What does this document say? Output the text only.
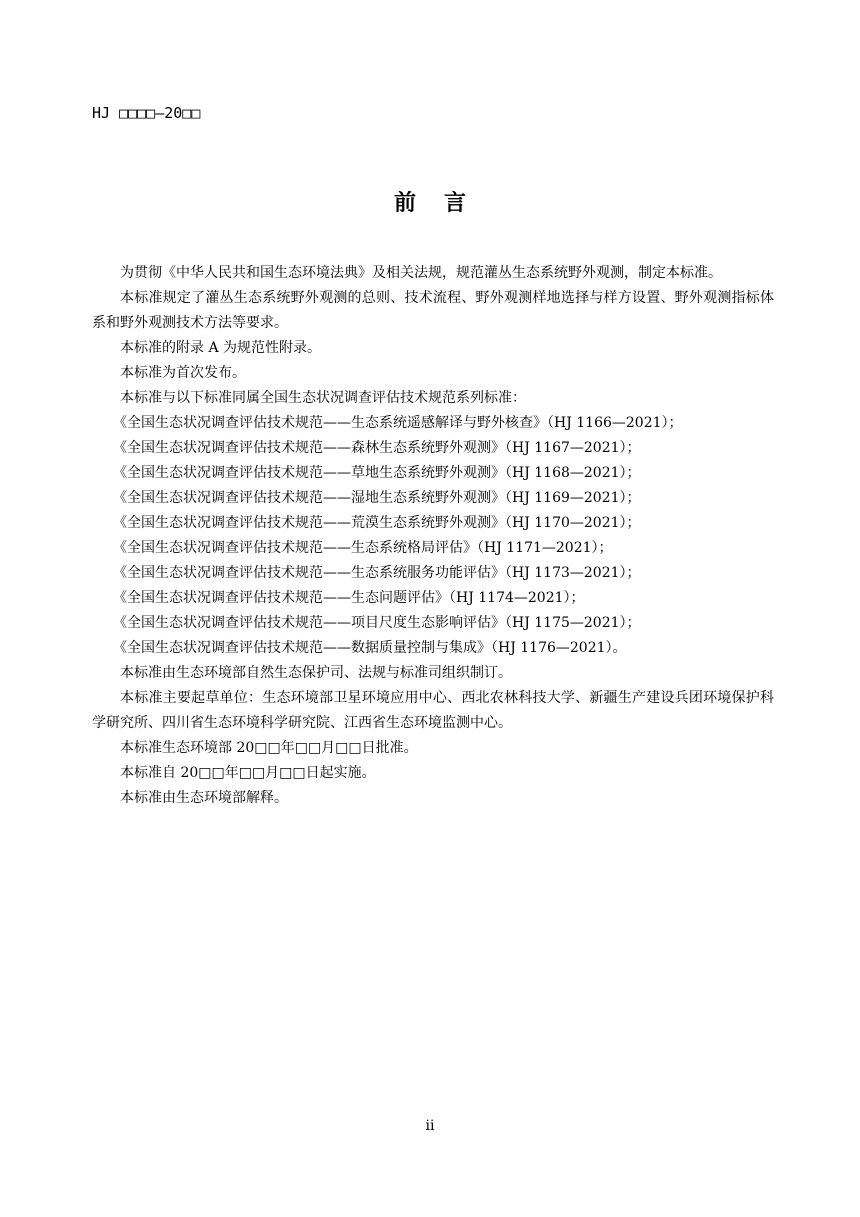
HJ □□□□—20□□
前言

为贯彻《中华人民共和国生态环境法典》及相关法规，规范灌丛生态系统野外观测，制定本标准。

本标准规定了灌丛生态系统野外观测的总则、技术流程、野外观测样地选择与样方设置、野外观测指标体系和野外观测技术方法等要求。

本标准的附录 A 为规范性附录。

本标准为首次发布。

本标准与以下标准同属全国生态状况调查评估技术规范系列标准：

《全国生态状况调查评估技术规范——生态系统遥感解译与野外核查》（HJ 1166—2021）；

《全国生态状况调查评估技术规范——森林生态系统野外观测》（HJ 1167—2021）；

《全国生态状况调查评估技术规范——草地生态系统野外观测》（HJ 1168—2021）；

《全国生态状况调查评估技术规范——湿地生态系统野外观测》（HJ 1169—2021）；

《全国生态状况调查评估技术规范——荒漠生态系统野外观测》（HJ 1170—2021）；

《全国生态状况调查评估技术规范——生态系统格局评估》（HJ 1171—2021）；

《全国生态状况调查评估技术规范——生态系统服务功能评估》（HJ 1173—2021）；

《全国生态状况调查评估技术规范——生态问题评估》（HJ 1174—2021）；

《全国生态状况调查评估技术规范——项目尺度生态影响评估》（HJ 1175—2021）；

《全国生态状况调查评估技术规范——数据质量控制与集成》（HJ 1176—2021）。

本标准由生态环境部自然生态保护司、法规与标准司组织制订。

本标准主要起草单位：生态环境部卫星环境应用中心、西北农林科技大学、新疆生产建设兵团环境保护科学研究所、四川省生态环境科学研究院、江西省生态环境监测中心。

本标准生态环境部 20□□年□□月□□日批准。

本标准自 20□□年□□月□□日起实施。

本标准由生态环境部解释。

ii
